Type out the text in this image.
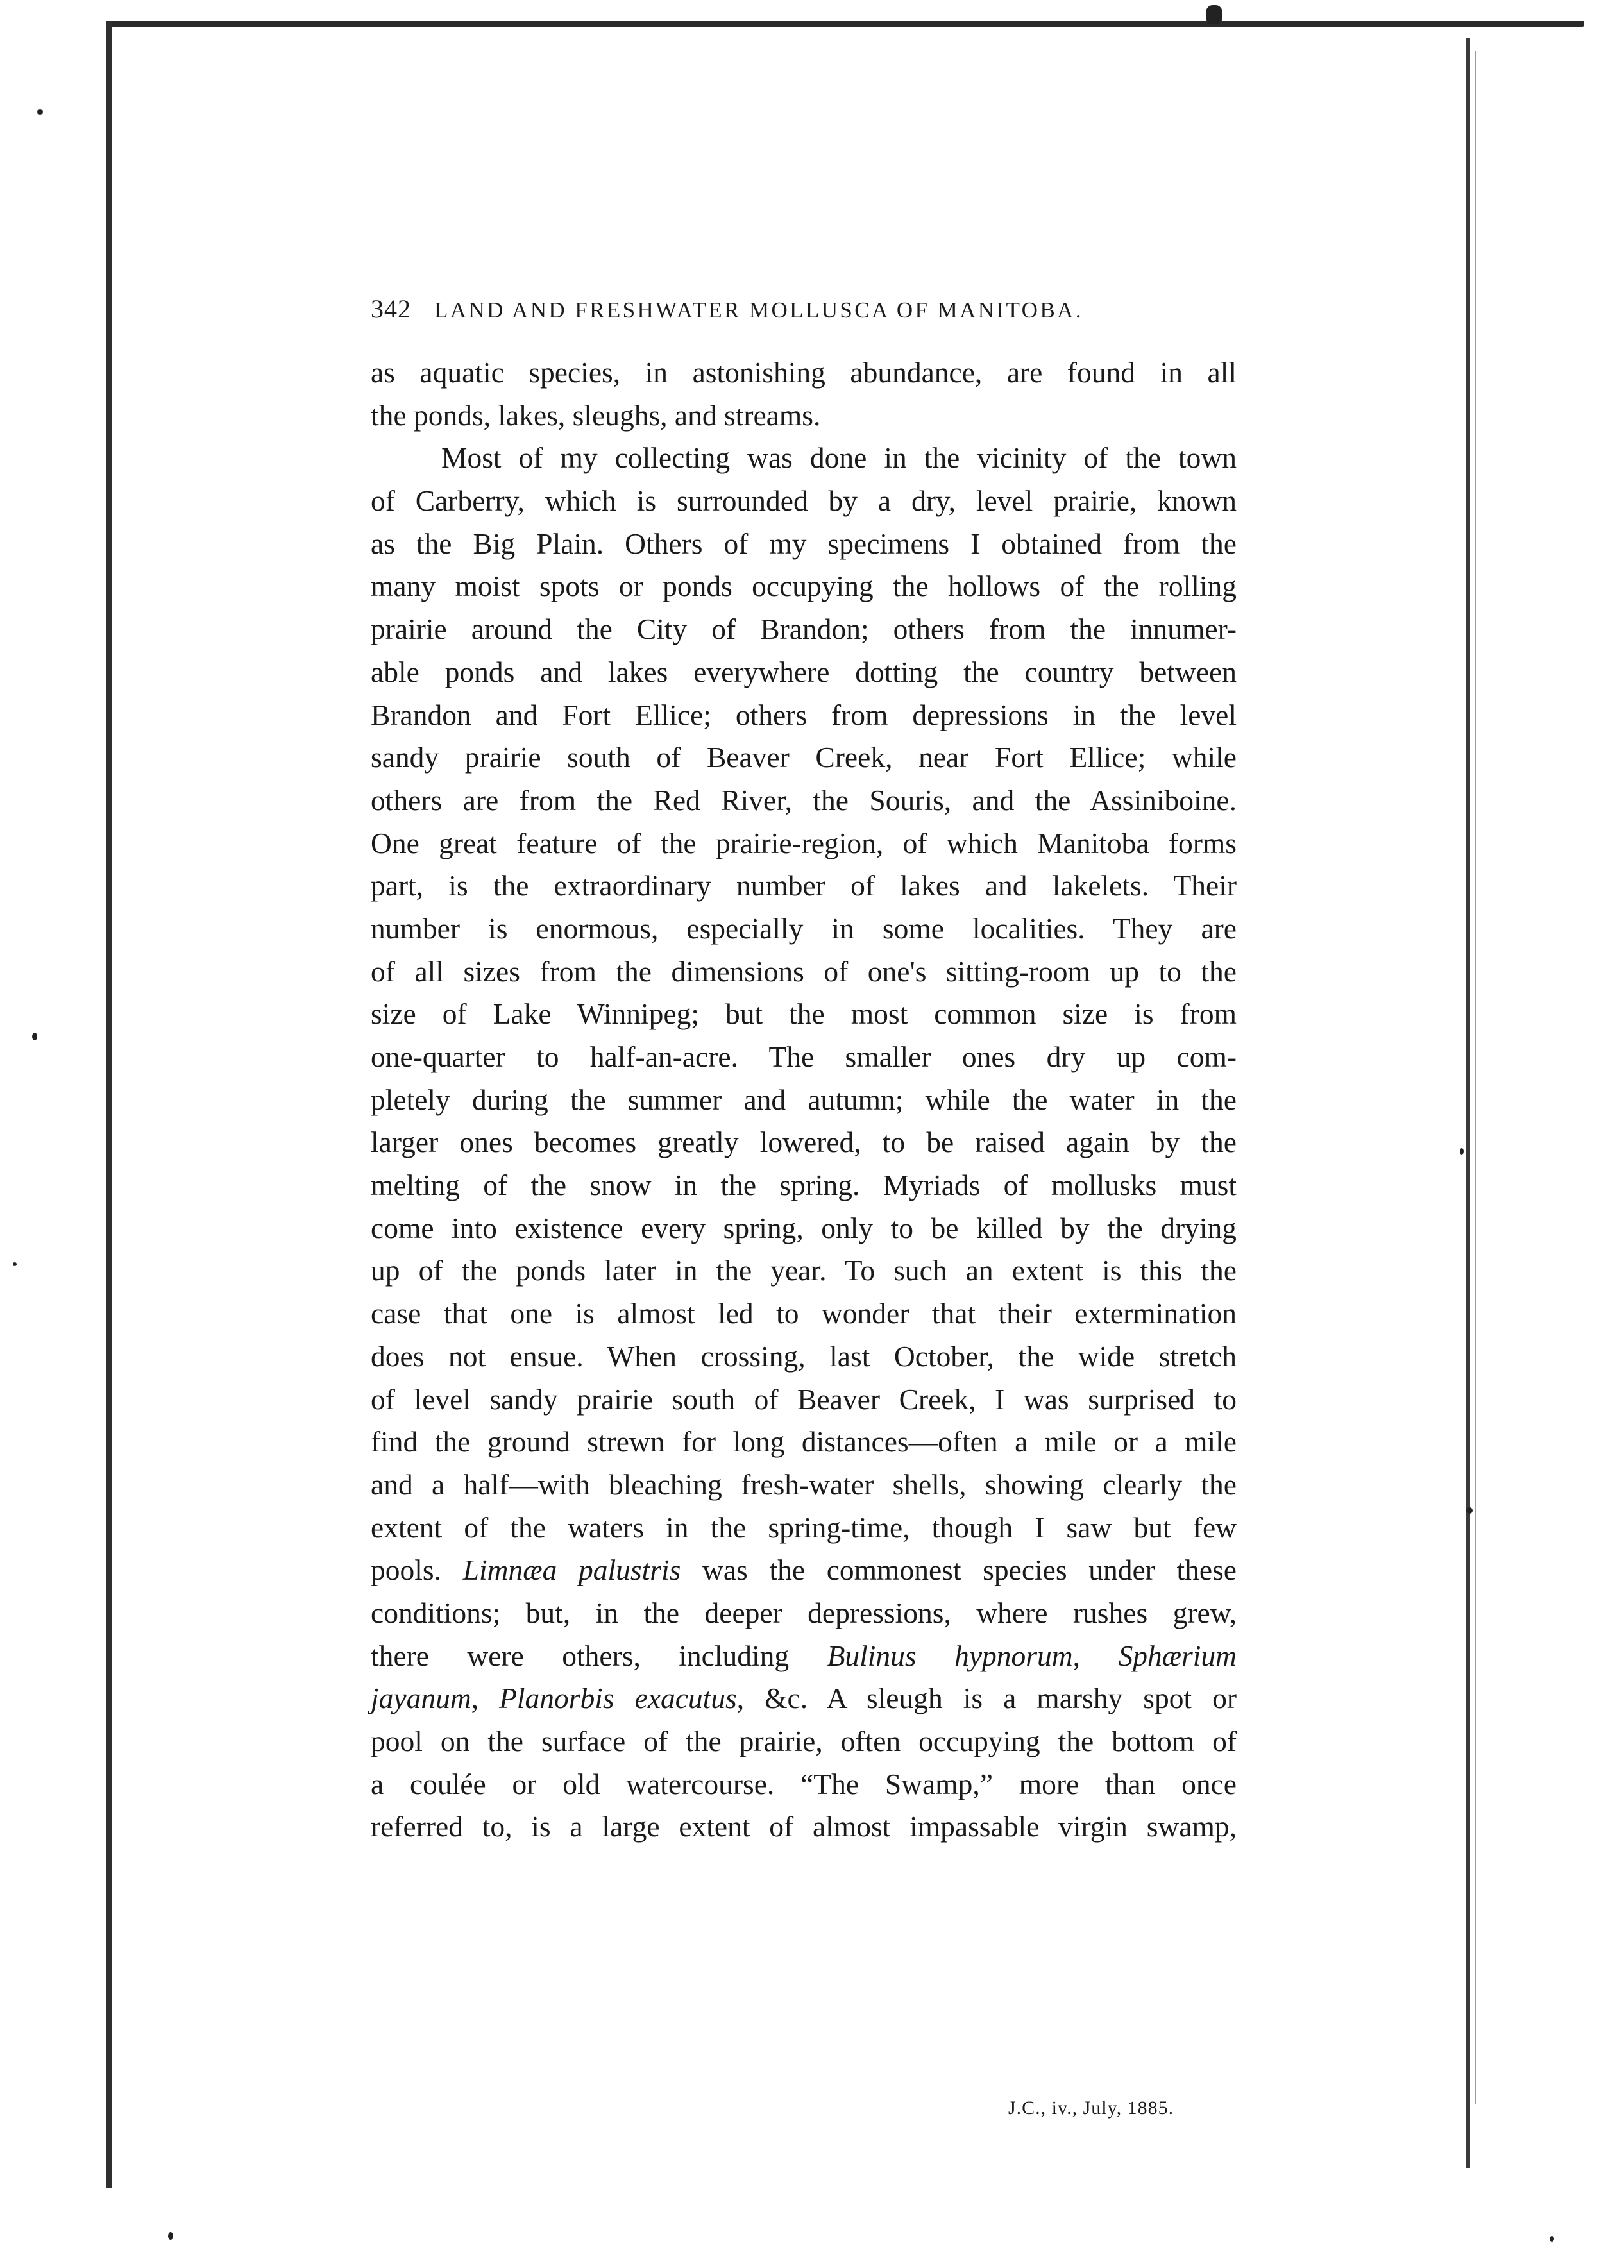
342 LAND AND FRESHWATER MOLLUSCA OF MANITOBA.
as aquatic species, in astonishing abundance, are found in all
the ponds, lakes, sleughs, and streams.
Most of my collecting was done in the vicinity of the town
of Carberry, which is surrounded by a dry, level prairie, known
as the Big Plain. Others of my specimens I obtained from the
many moist spots or ponds occupying the hollows of the rolling
prairie around the City of Brandon; others from the innumer-
able ponds and lakes everywhere dotting the country between
Brandon and Fort Ellice; others from depressions in the level
sandy prairie south of Beaver Creek, near Fort Ellice; while
others are from the Red River, the Souris, and the Assiniboine.
One great feature of the prairie-region, of which Manitoba forms
part, is the extraordinary number of lakes and lakelets. Their
number is enormous, especially in some localities. They are
of all sizes from the dimensions of one's sitting-room up to the
size of Lake Winnipeg; but the most common size is from
one-quarter to half-an-acre. The smaller ones dry up com-
pletely during the summer and autumn; while the water in the
larger ones becomes greatly lowered, to be raised again by the
melting of the snow in the spring. Myriads of mollusks must
come into existence every spring, only to be killed by the drying
up of the ponds later in the year. To such an extent is this the
case that one is almost led to wonder that their extermination
does not ensue. When crossing, last October, the wide stretch
of level sandy prairie south of Beaver Creek, I was surprised to
find the ground strewn for long distances—often a mile or a mile
and a half—with bleaching fresh-water shells, showing clearly the
extent of the waters in the spring-time, though I saw but few
pools. Limnæa palustris was the commonest species under these
conditions; but, in the deeper depressions, where rushes grew,
there were others, including Bulinus hypnorum, Sphærium
jayanum, Planorbis exacutus, &c. A sleugh is a marshy spot or
pool on the surface of the prairie, often occupying the bottom of
a coulée or old watercourse. “The Swamp,” more than once
referred to, is a large extent of almost impassable virgin swamp,
J.C., iv., July, 1885.
